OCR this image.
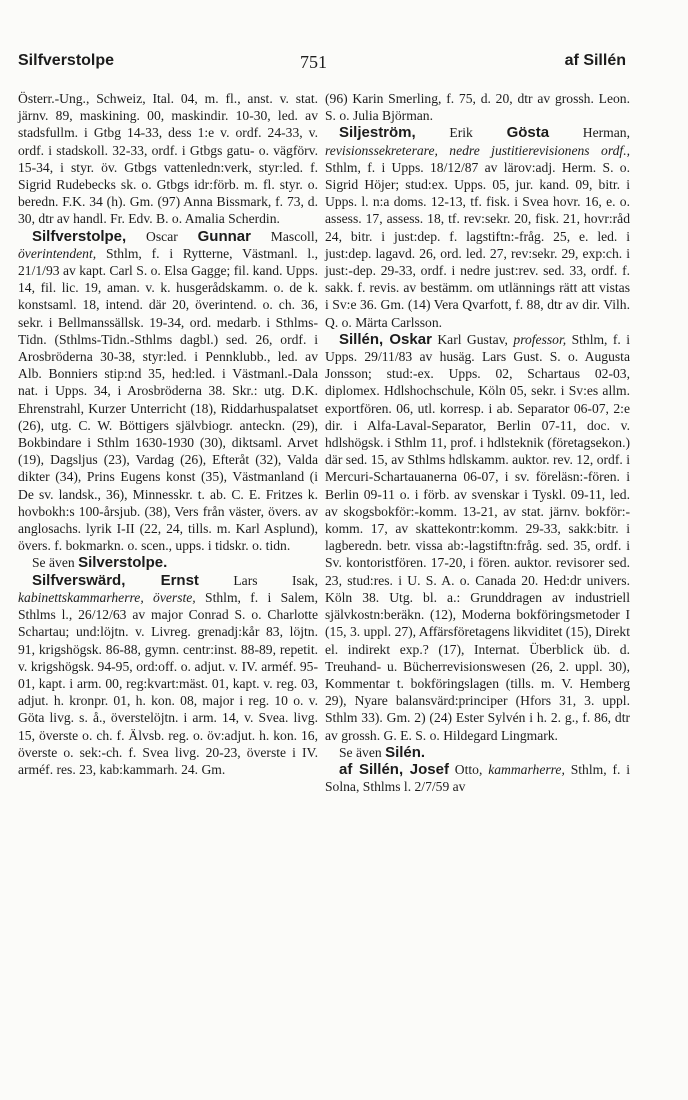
Silfverstolpe	751	af Sillén

Österr.-Ung., Schweiz, Ital. 04, m. fl., anst. v. stat. järnv. 89, maskining. 00, maskindir. 10-30, led. av stadsfullm. i Gtbg 14-33, dess 1:e v. ordf. 24-33, v. ordf. i stadskoll. 32-33, ordf. i Gtbgs gatu- o. vägförv. 15-34, i styr. öv. Gtbgs vattenledn:verk, styr:led. f. Sigrid Rudebecks sk. o. Gtbgs idr:förb. m. fl. styr. o. beredn. F.K. 34 (h). Gm. (97) Anna Bissmark, f. 73, d. 30, dtr av handl. Fr. Edv. B. o. Amalia Scherdin.

Silfverstolpe, Oscar Gunnar Mascoll, överintendent, Sthlm, f. i Rytterne, Västmanl. l., 21/1/93 av kapt. Carl S. o. Elsa Gagge; fil. kand. Upps. 14, fil. lic. 19, aman. v. k. husgerådskamm. o. de k. konstsaml. 18, intend. där 20, överintend. o. ch. 36, sekr. i Bellmanssällsk. 19-34, ord. medarb. i Sthlms-Tidn. (Sthlms-Tidn.-Sthlms dagbl.) sed. 26, ordf. i Arosbröderna 30-38, styr:led. i Pennklubb., led. av Alb. Bonniers stip:nd 35, hed:led. i Västmanl.-Dala nat. i Upps. 34, i Arosbröderna 38. Skr.: utg. D.K. Ehrenstrahl, Kurzer Unterricht (18), Riddarhuspalatset (26), utg. C. W. Böttigers självbiogr. anteckn. (29), Bokbindare i Sthlm 1630-1930 (30), diktsaml. Arvet (19), Dagsljus (23), Vardag (26), Efteråt (32), Valda dikter (34), Prins Eugens konst (35), Västmanland (i De sv. landsk., 36), Minnesskr. t. ab. C. E. Fritzes k. hovbokh:s 100-årsjub. (38), Vers från väster, övers. av anglosachs. lyrik I-II (22, 24, tills. m. Karl Asplund), övers. f. bokmarkn. o. scen., upps. i tidskr. o. tidn.

Se även Silverstolpe.

Silfverswärd, Ernst Lars Isak, kabinettskammarherre, överste, Sthlm, f. i Salem, Sthlms l., 26/12/63 av major Conrad S. o. Charlotte Schartau; und:löjtn. v. Livreg. grenadj:kår 83, löjtn. 91, krigshögsk. 86-88, gymn. centr:inst. 88-89, repetit. v. krigshögsk. 94-95, ord:off. o. adjut. v. IV. arméf. 95-01, kapt. i arm. 00, reg:kvart:mäst. 01, kapt. v. reg. 03, adjut. h. kronpr. 01, h. kon. 08, major i reg. 10 o. v. Göta livg. s. å., överstelöjtn. i arm. 14, v. Svea. livg. 15, överste o. ch. f. Älvsb. reg. o. öv:adjut. h. kon. 16, överste o. sek:-ch. f. Svea livg. 20-23, överste i IV. arméf. res. 23, kab:kammarh. 24. Gm.

(96) Karin Smerling, f. 75, d. 20, dtr av grossh. Leon. S. o. Julia Björman.

Siljeström, Erik Gösta Herman, revisionssekreterare, nedre justitierevisionens ordf., Sthlm, f. i Upps. 18/12/87 av lärov:adj. Herm. S. o. Sigrid Höjer; stud:ex. Upps. 05, jur. kand. 09, bitr. i Upps. l. n:a doms. 12-13, tf. fisk. i Svea hovr. 16, e. o. assess. 17, assess. 18, tf. rev:sekr. 20, fisk. 21, hovr:råd 24, bitr. i just:dep. f. lagstiftn:-fråg. 25, e. led. i just:dep. lagavd. 26, ord. led. 27, rev:sekr. 29, exp:ch. i just:-dep. 29-33, ordf. i nedre just:rev. sed. 33, ordf. f. sakk. f. revis. av bestämm. om utlännings rätt att vistas i Sv:e 36. Gm. (14) Vera Qvarfott, f. 88, dtr av dir. Vilh. Q. o. Märta Carlsson.

Sillén, Oskar Karl Gustav, professor, Sthlm, f. i Upps. 29/11/83 av husäg. Lars Gust. S. o. Augusta Jonsson; stud:-ex. Upps. 02, Schartaus 02-03, diplomex. Hdlshochschule, Köln 05, sekr. i Sv:es allm. exportfören. 06, utl. korresp. i ab. Separator 06-07, 2:e dir. i Alfa-Laval-Separator, Berlin 07-11, doc. v. hdlshögsk. i Sthlm 11, prof. i hdlsteknik (företagsekon.) där sed. 15, av Sthlms hdlskamm. auktor. rev. 12, ordf. i Mercuri-Schartauanerna 06-07, i sv. föreläsn:-fören. i Berlin 09-11 o. i förb. av svenskar i Tyskl. 09-11, led. av skogsbokför:-komm. 13-21, av stat. järnv. bokför:-komm. 17, av skattekontr:komm. 29-33, sakk:bitr. i lagberedn. betr. vissa ab:-lagstiftn:fråg. sed. 35, ordf. i Sv. kontoristfören. 17-20, i fören. auktor. revisorer sed. 23, stud:res. i U. S. A. o. Canada 20. Hed:dr univers. Köln 38. Utg. bl. a.: Grunddragen av industriell självkostn:beräkn. (12), Moderna bokföringsmetoder I (15, 3. uppl. 27), Affärsföretagens likviditet (15), Direkt el. indirekt exp.? (17), Internat. Überblick üb. d. Treuhand- u. Bücherrevisionswesen (26, 2. uppl. 30), Kommentar t. bokföringslagen (tills. m. V. Hemberg 29), Nyare balansvärd:principer (Hfors 31, 3. uppl. Sthlm 33). Gm. 2) (24) Ester Sylvén i h. 2. g., f. 86, dtr av grossh. G. E. S. o. Hildegard Lingmark.

Se även Silén.

af Sillén, Josef Otto, kammarherre, Sthlm, f. i Solna, Sthlms l. 2/7/59 av
